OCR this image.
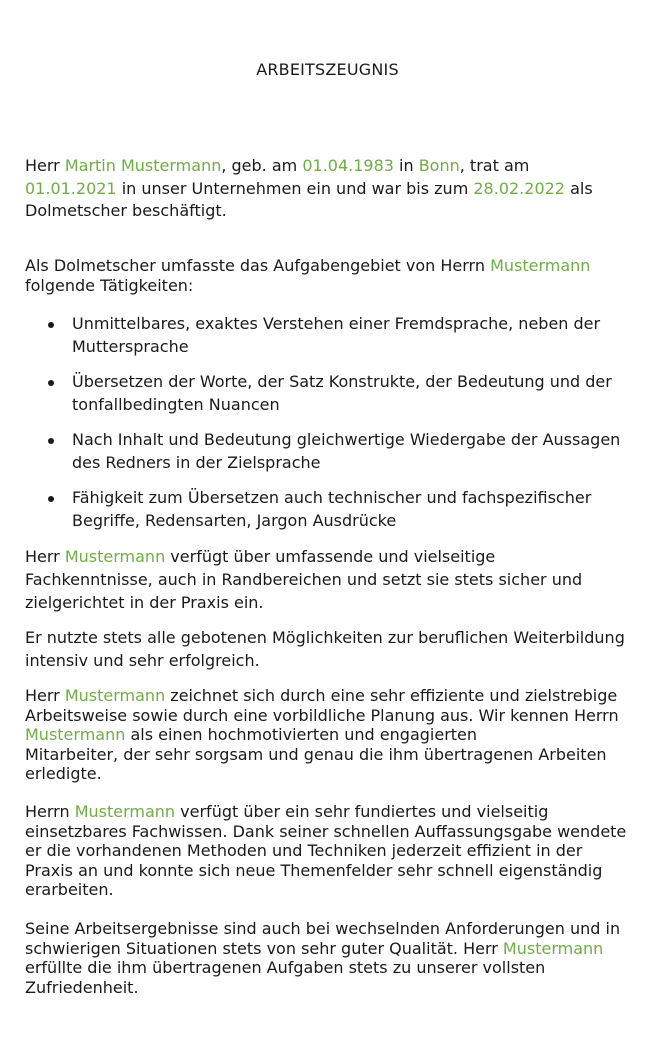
ARBEITSZEUGNIS
Herr Martin Mustermann, geb. am 01.04.1983 in Bonn, trat am
01.01.2021 in unser Unternehmen ein und war bis zum 28.02.2022 als
Dolmetscher beschäftigt.
Als Dolmetscher umfasste das Aufgabengebiet von Herrn Mustermann
folgende Tätigkeiten:
Unmittelbares, exaktes Verstehen einer Fremdsprache, neben der
Muttersprache
Übersetzen der Worte, der Satz Konstrukte, der Bedeutung und der
tonfallbedingten Nuancen
Nach Inhalt und Bedeutung gleichwertige Wiedergabe der Aussagen
des Redners in der Zielsprache
Fähigkeit zum Übersetzen auch technischer und fachspezifischer
Begriffe, Redensarten, Jargon Ausdrücke
Herr Mustermann verfügt über umfassende und vielseitige
Fachkenntnisse, auch in Randbereichen und setzt sie stets sicher und
zielgerichtet in der Praxis ein.
Er nutzte stets alle gebotenen Möglichkeiten zur beruflichen Weiterbildung
intensiv und sehr erfolgreich.
Herr Mustermann zeichnet sich durch eine sehr effiziente und zielstrebige
Arbeitsweise sowie durch eine vorbildliche Planung aus. Wir kennen Herrn
Mustermann als einen hochmotivierten und engagierten
Mitarbeiter, der sehr sorgsam und genau die ihm übertragenen Arbeiten
erledigte.
Herrn Mustermann verfügt über ein sehr fundiertes und vielseitig
einsetzbares Fachwissen. Dank seiner schnellen Auffassungsgabe wendete
er die vorhandenen Methoden und Techniken jederzeit effizient in der
Praxis an und konnte sich neue Themenfelder sehr schnell eigenständig
erarbeiten.
Seine Arbeitsergebnisse sind auch bei wechselnden Anforderungen und in
schwierigen Situationen stets von sehr guter Qualität. Herr Mustermann
erfüllte die ihm übertragenen Aufgaben stets zu unserer vollsten
Zufriedenheit.
